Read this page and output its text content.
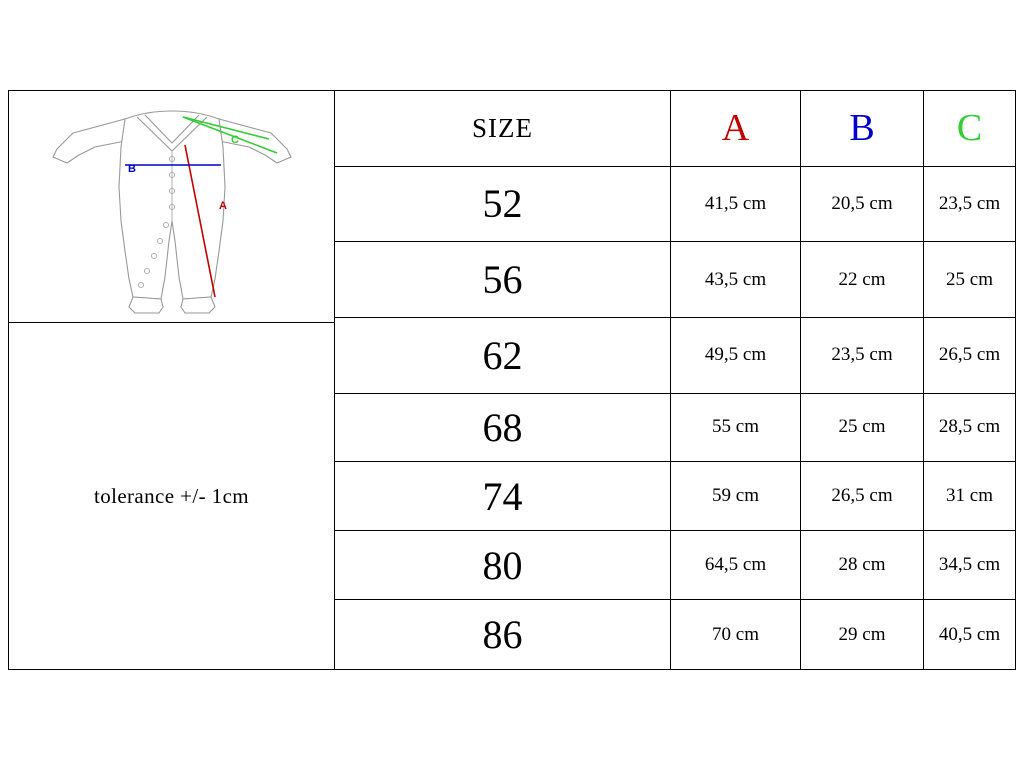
A
B
C
tolerance +/- 1cm
SIZE	A	B	C
52	41,5 cm	20,5 cm	23,5 cm
56	43,5 cm	22 cm	25 cm
62	49,5 cm	23,5 cm	26,5 cm
68	55 cm	25 cm	28,5 cm
74	59 cm	26,5 cm	31 cm
80	64,5 cm	28 cm	34,5 cm
86	70 cm	29 cm	40,5 cm
